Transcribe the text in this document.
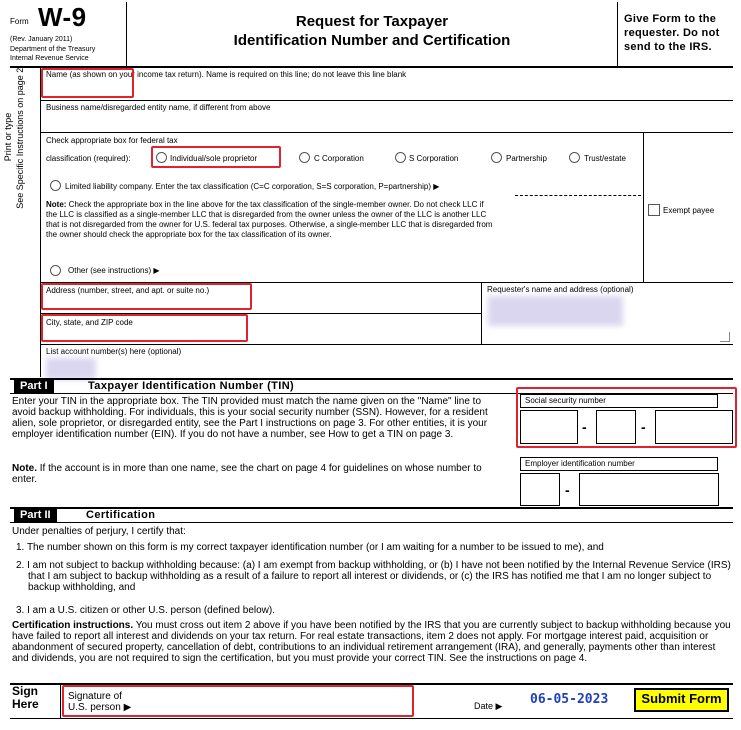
Form W-9
(Rev. January 2011)
Department of the Treasury
Internal Revenue Service
Request for Taxpayer
Identification Number and Certification
Give Form to the requester. Do not send to the IRS.
Print or type See Specific Instructions on page 2.	Name (as shown on your income tax return). Name is required on this line; do not leave this line blank
Business name/disregarded entity name, if different from above
Check appropriate box for federal tax
classification (required):	Individual/sole proprietor	C Corporation	S Corporation	Partnership	Trust/estate
Limited liability company. Enter the tax classification (C=C corporation, S=S corporation, P=partnership) ▶
Note: Check the appropriate box in the line above for the tax classification of the single-member owner. Do not check LLC if the LLC is classified as a single-member LLC that is disregarded from the owner unless the owner of the LLC is another LLC that is not disregarded from the owner for U.S. federal tax purposes. Otherwise, a single-member LLC that is disregarded from the owner should check the appropriate box for the tax classification of its owner.
Exempt payee
Other (see instructions) ▶
Address (number, street, and apt. or suite no.)	Requester's name and address (optional)
City, state, and ZIP code
List account number(s) here (optional)
Part I	Taxpayer Identification Number (TIN)
Enter your TIN in the appropriate box. The TIN provided must match the name given on the "Name" line to avoid backup withholding. For individuals, this is your social security number (SSN). However, for a resident alien, sole proprietor, or disregarded entity, see the Part I instructions on page 3. For other entities, it is your employer identification number (EIN). If you do not have a number, see How to get a TIN on page 3.
Note. If the account is in more than one name, see the chart on page 4 for guidelines on whose number to enter.
Social security number
-	-
Employer identification number
-
Part II	Certification
Under penalties of perjury, I certify that:
1. The number shown on this form is my correct taxpayer identification number (or I am waiting for a number to be issued to me), and
2. I am not subject to backup withholding because: (a) I am exempt from backup withholding, or (b) I have not been notified by the Internal Revenue Service (IRS) that I am subject to backup withholding as a result of a failure to report all interest or dividends, or (c) the IRS has notified me that I am no longer subject to backup withholding, and
3. I am a U.S. citizen or other U.S. person (defined below).
Certification instructions. You must cross out item 2 above if you have been notified by the IRS that you are currently subject to backup withholding because you have failed to report all interest and dividends on your tax return. For real estate transactions, item 2 does not apply. For mortgage interest paid, acquisition or abandonment of secured property, cancellation of debt, contributions to an individual retirement arrangement (IRA), and generally, payments other than interest and dividends, you are not required to sign the certification, but you must provide your correct TIN. See the instructions on page 4.
Sign Here
Signature of U.S. person ▶	Date ▶ 06-05-2023	Submit Form
